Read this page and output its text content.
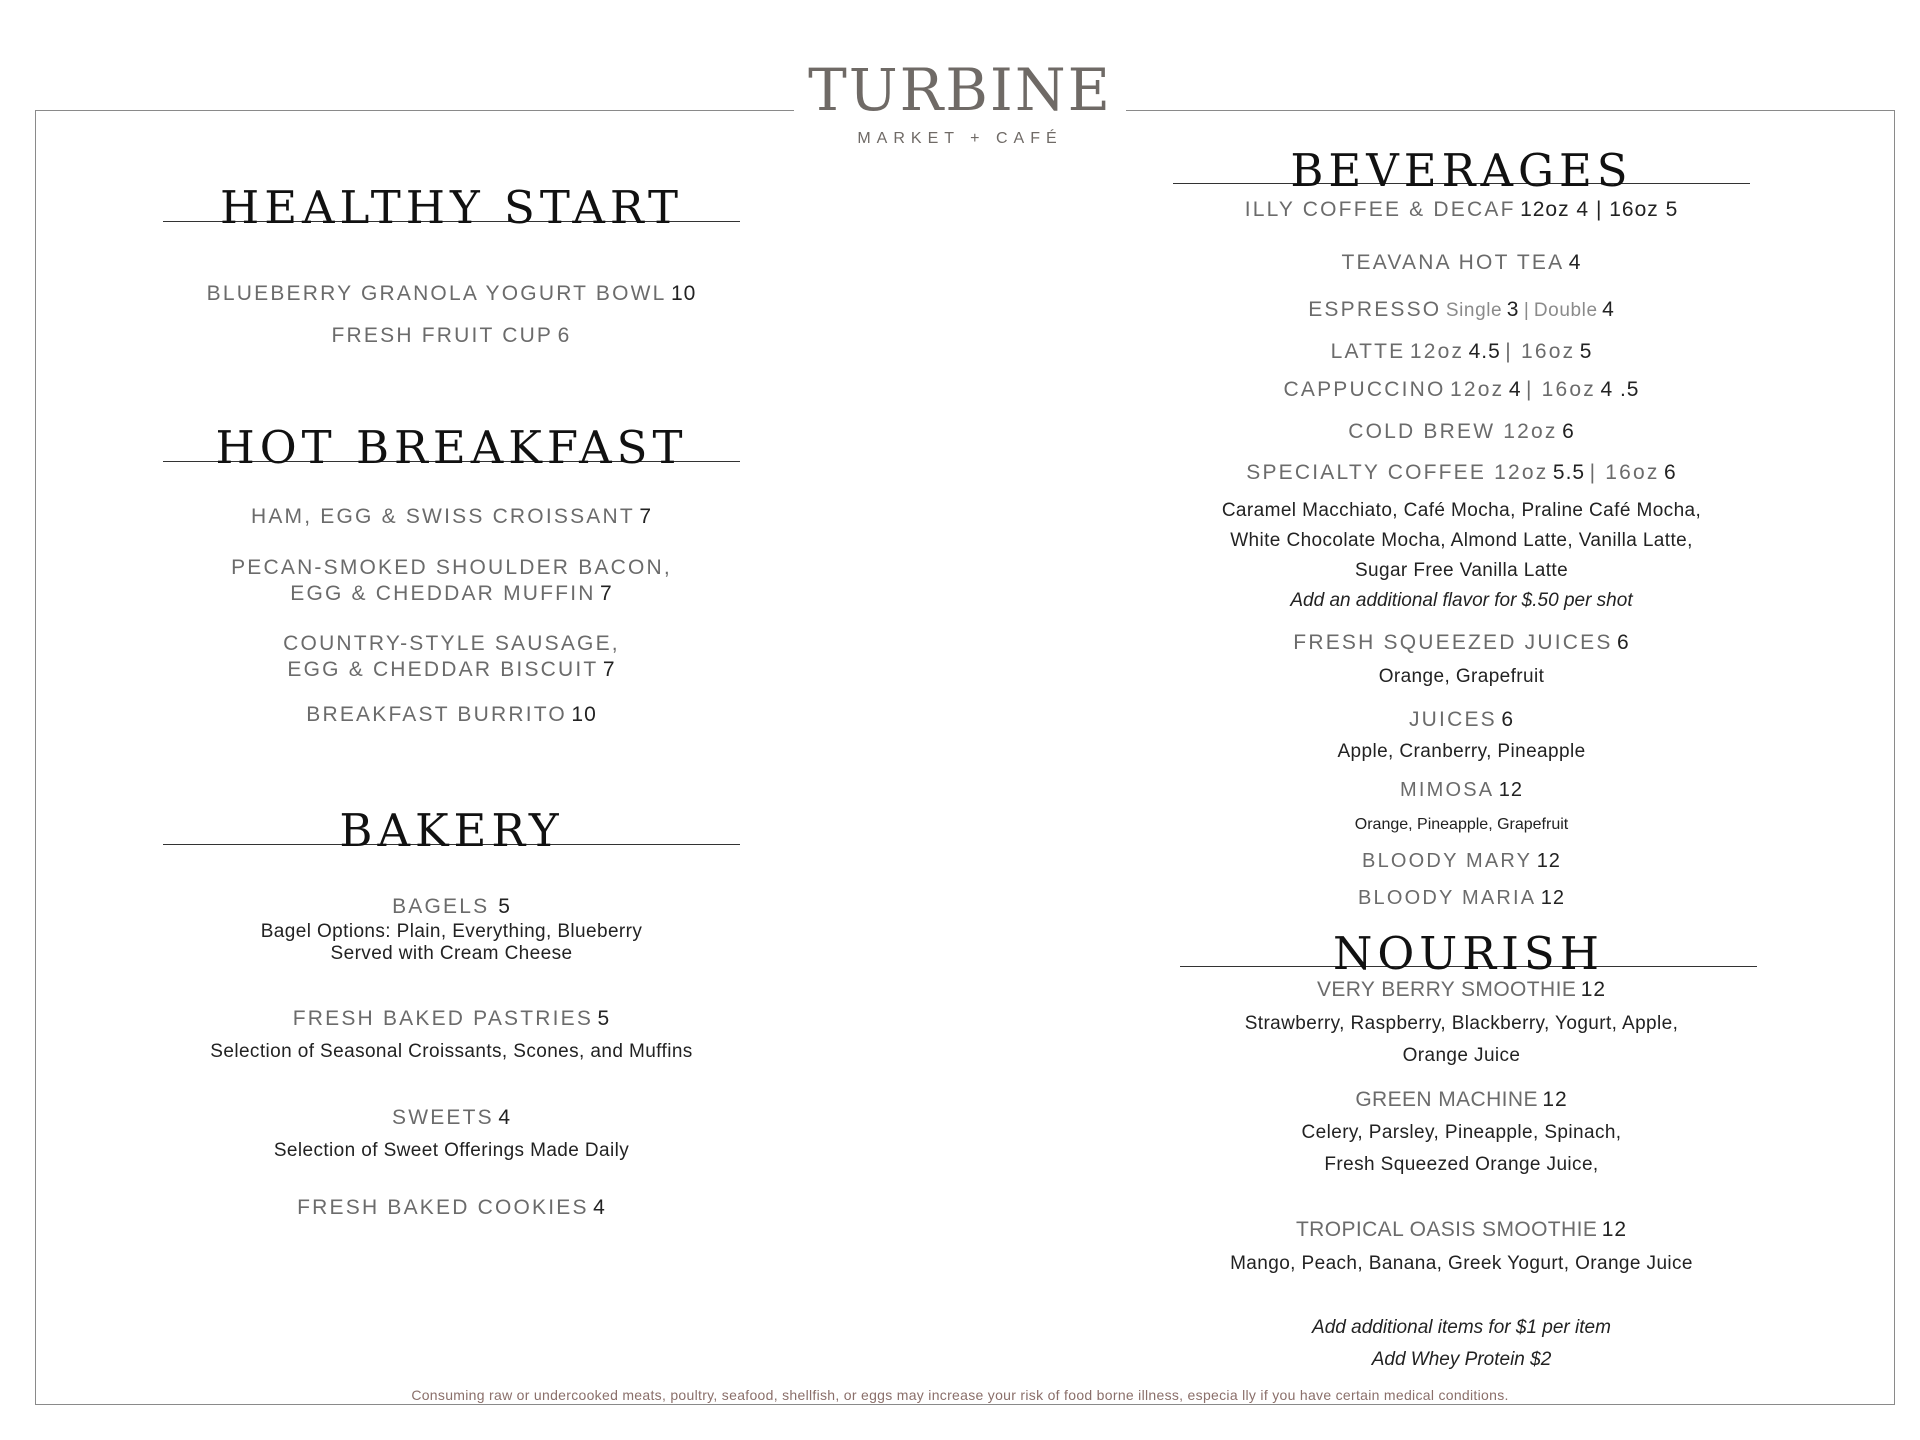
TURBINE
MARKET + CAFÉ
HEALTHY START
BLUEBERRY GRANOLA YOGURT BOWL 10
FRESH FRUIT CUP 6
HOT BREAKFAST
HAM, EGG & SWISS CROISSANT 7
PECAN-SMOKED SHOULDER BACON,
EGG & CHEDDAR MUFFIN 7
COUNTRY-STYLE SAUSAGE,
EGG & CHEDDAR BISCUIT 7
BREAKFAST BURRITO 10
BAKERY
BAGELS 5
Bagel Options: Plain, Everything, Blueberry
Served with Cream Cheese
FRESH BAKED PASTRIES 5
Selection of Seasonal Croissants, Scones, and Muffins
SWEETS 4
Selection of Sweet Offerings Made Daily
FRESH BAKED COOKIES 4
BEVERAGES
ILLY COFFEE & DECAF 12oz 4 | 16oz 5
TEAVANA HOT TEA 4
ESPRESSO Single 3 | Double 4
LATTE 12oz 4.5 | 16oz 5
CAPPUCCINO 12oz 4 | 16oz 4 .5
COLD BREW 12oz 6
SPECIALTY COFFEE 12oz 5.5 | 16oz 6
Caramel Macchiato, Café Mocha, Praline Café Mocha,
White Chocolate Mocha, Almond Latte, Vanilla Latte,
Sugar Free Vanilla Latte
Add an additional flavor for $.50 per shot
FRESH SQUEEZED JUICES 6
Orange, Grapefruit
JUICES 6
Apple, Cranberry, Pineapple
MIMOSA 12
Orange, Pineapple, Grapefruit
BLOODY MARY 12
BLOODY MARIA 12
NOURISH
VERY BERRY SMOOTHIE 12
Strawberry, Raspberry, Blackberry, Yogurt, Apple,
Orange Juice
GREEN MACHINE 12
Celery, Parsley, Pineapple, Spinach,
Fresh Squeezed Orange Juice,
TROPICAL OASIS SMOOTHIE 12
Mango, Peach, Banana, Greek Yogurt, Orange Juice
Add additional items for $1 per item
Add Whey Protein $2
Consuming raw or undercooked meats, poultry, seafood, shellfish, or eggs may increase your risk of food borne illness, especia lly if you have certain medical conditions.
